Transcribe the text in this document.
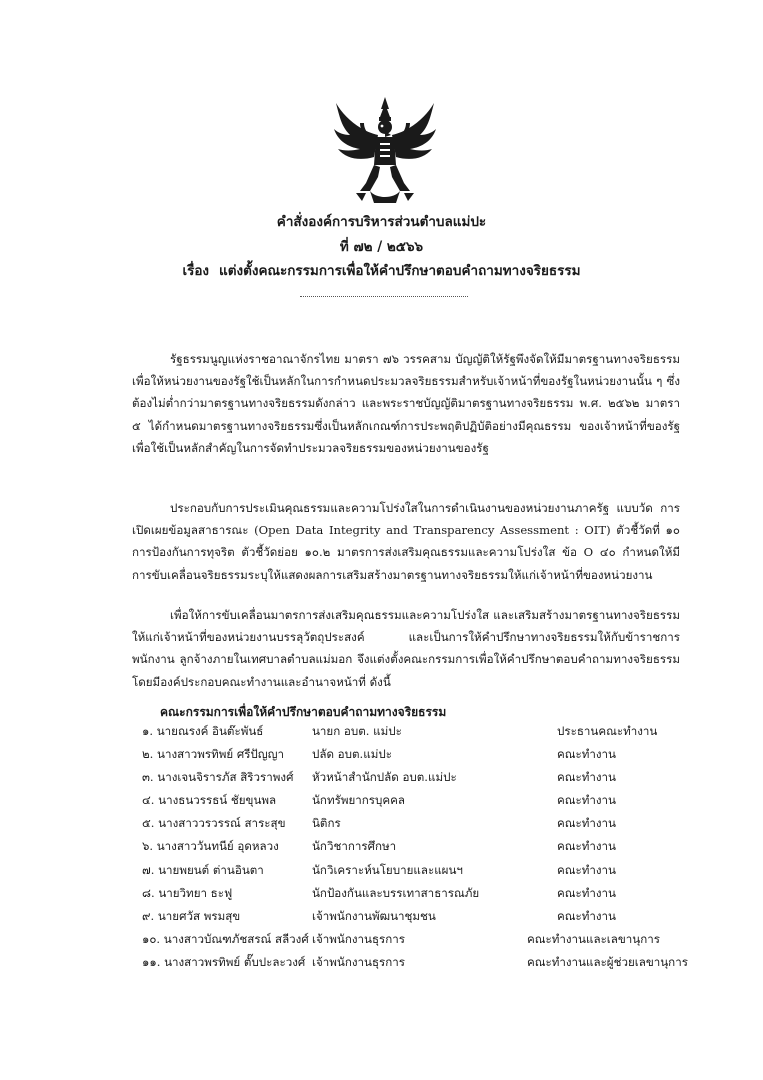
คำสั่งองค์การบริหารส่วนตำบลแม่ปะ
ที่ ๗๒ / ๒๕๖๖
เรื่อง แต่งตั้งคณะกรรมการเพื่อให้คำปรึกษาตอบคำถามทางจริยธรรม
รัฐธรรมนูญแห่งราชอาณาจักรไทย มาตรา ๗๖ วรรคสาม บัญญัติให้รัฐพึงจัดให้มีมาตรฐานทางจริยธรรม เพื่อให้หน่วยงานของรัฐใช้เป็นหลักในการกำหนดประมวลจริยธรรมสำหรับเจ้าหน้าที่ของรัฐในหน่วยงานนั้น ๆ ซึ่งต้องไม่ต่ำกว่ามาตรฐานทางจริยธรรมดังกล่าว และพระราชบัญญัติมาตรฐานทางจริยธรรม พ.ศ. ๒๕๖๒ มาตรา ๕ ได้กำหนดมาตรฐานทางจริยธรรมซึ่งเป็นหลักเกณฑ์การประพฤติปฏิบัติอย่างมีคุณธรรม ของเจ้าหน้าที่ของรัฐเพื่อใช้เป็นหลักสำคัญในการจัดทำประมวลจริยธรรมของหน่วยงานของรัฐ
ประกอบกับการประเมินคุณธรรมและความโปร่งใสในการดำเนินงานของหน่วยงานภาครัฐ แบบวัด การเปิดเผยข้อมูลสาธารณะ (Open Data Integrity and Transparency Assessment : OIT) ตัวชี้วัดที่ ๑๐ การป้องกันการทุจริต ตัวชี้วัดย่อย ๑๐.๒ มาตรการส่งเสริมคุณธรรมและความโปร่งใส ข้อ O ๔๐ กำหนดให้มี การขับเคลื่อนจริยธรรมระบุให้แสดงผลการเสริมสร้างมาตรฐานทางจริยธรรมให้แก่เจ้าหน้าที่ของหน่วยงาน
เพื่อให้การขับเคลื่อนมาตรการส่งเสริมคุณธรรมและความโปร่งใส และเสริมสร้างมาตรฐานทางจริยธรรมให้แก่เจ้าหน้าที่ของหน่วยงานบรรลุวัตถุประสงค์ และเป็นการให้คำปรึกษาทางจริยธรรมให้กับข้าราชการ พนักงาน ลูกจ้างภายในเทศบาลตำบลแม่มอก จึงแต่งตั้งคณะกรรมการเพื่อให้คำปรึกษาตอบคำถามทางจริยธรรม โดยมีองค์ประกอบคณะทำงานและอำนาจหน้าที่ ดังนี้
คณะกรรมการเพื่อให้คำปรึกษาตอบคำถามทางจริยธรรม
๑. นายณรงค์ อินต๊ะพันธ์	นายก อบต. แม่ปะ	ประธานคณะทำงาน
๒. นางสาวพรทิพย์ ศรีปัญญา ปลัด อบต.แม่ปะ	คณะทำงาน
๓. นางเจนจิรารภัส สิริวราพงศ์ หัวหน้าสำนักปลัด อบต.แม่ปะ	คณะทำงาน
๔. นางธนวรรธน์ ชัยขุนพล	นักทรัพยากรบุคคล	คณะทำงาน
๕. นางสาววรวรรณ์ สาระสุข นิติกร	คณะทำงาน
๖. นางสาววันทนีย์ อุดหลวง	นักวิชาการศึกษา	คณะทำงาน
๗. นายพยนต์ ต่านอินตา	นักวิเคราะห์นโยบายและแผนฯ	คณะทำงาน
๘. นายวิทยา ธะฟู	นักป้องกันและบรรเทาสาธารณภัย	คณะทำงาน
๙. นายศวัส พรมสุข	เจ้าพนักงานพัฒนาชุมชน	คณะทำงาน
๑๐. นางสาวบัณฑภัชสรณ์ สลีวงศ์ เจ้าพนักงานธุรการ	คณะทำงานและเลขานุการ
๑๑. นางสาวพรทิพย์ ตั๊บปะละวงศ์ เจ้าพนักงานธุรการ	คณะทำงานและผู้ช่วยเลขานุการ
